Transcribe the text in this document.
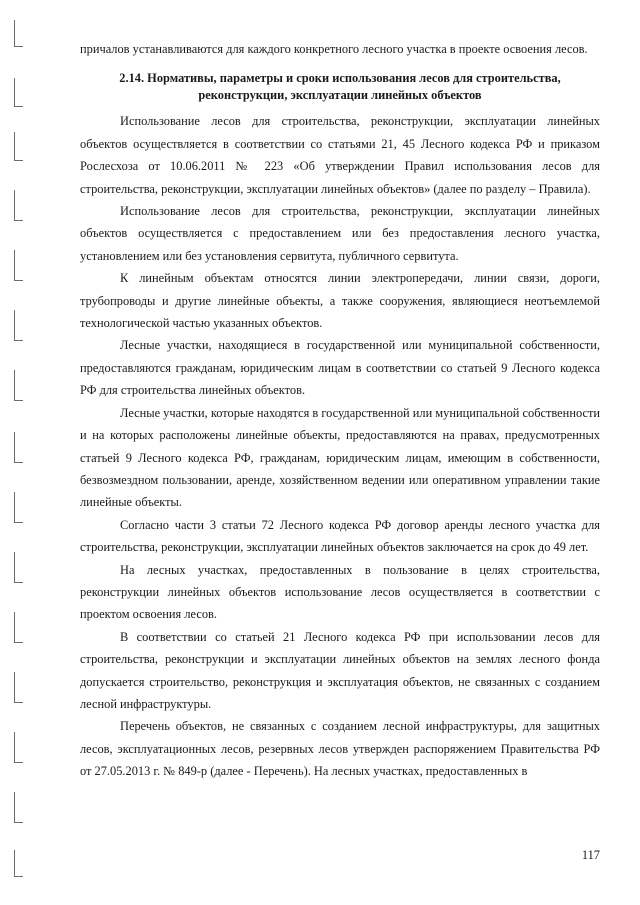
причалов устанавливаются для каждого конкретного лесного участка в проекте освоения лесов.

2.14. Нормативы, параметры и сроки использования лесов для строительства, реконструкции, эксплуатации линейных объектов

Использование лесов для строительства, реконструкции, эксплуатации линейных объектов осуществляется в соответствии со статьями 21, 45 Лесного кодекса РФ и приказом Рослесхоза от 10.06.2011 № 223 «Об утверждении Правил использования лесов для строительства, реконструкции, эксплуатации линейных объектов» (далее по разделу – Правила).

Использование лесов для строительства, реконструкции, эксплуатации линейных объектов осуществляется с предоставлением или без предоставления лесного участка, установлением или без установления сервитута, публичного сервитута.

К линейным объектам относятся линии электропередачи, линии связи, дороги, трубопроводы и другие линейные объекты, а также сооружения, являющиеся неотъемлемой технологической частью указанных объектов.

Лесные участки, находящиеся в государственной или муниципальной собственности, предоставляются гражданам, юридическим лицам в соответствии со статьей 9 Лесного кодекса РФ для строительства линейных объектов.

Лесные участки, которые находятся в государственной или муниципальной собственности и на которых расположены линейные объекты, предоставляются на правах, предусмотренных статьей 9 Лесного кодекса РФ, гражданам, юридическим лицам, имеющим в собственности, безвозмездном пользовании, аренде, хозяйственном ведении или оперативном управлении такие линейные объекты.

Согласно части 3 статьи 72 Лесного кодекса РФ договор аренды лесного участка для строительства, реконструкции, эксплуатации линейных объектов заключается на срок до 49 лет.

На лесных участках, предоставленных в пользование в целях строительства, реконструкции линейных объектов использование лесов осуществляется в соответствии с проектом освоения лесов.

В соответствии со статьей 21 Лесного кодекса РФ при использовании лесов для строительства, реконструкции и эксплуатации линейных объектов на землях лесного фонда допускается строительство, реконструкция и эксплуатация объектов, не связанных с созданием лесной инфраструктуры.

Перечень объектов, не связанных с созданием лесной инфраструктуры, для защитных лесов, эксплуатационных лесов, резервных лесов утвержден распоряжением Правительства РФ от 27.05.2013 г. № 849-р (далее - Перечень). На лесных участках, предоставленных в

117
